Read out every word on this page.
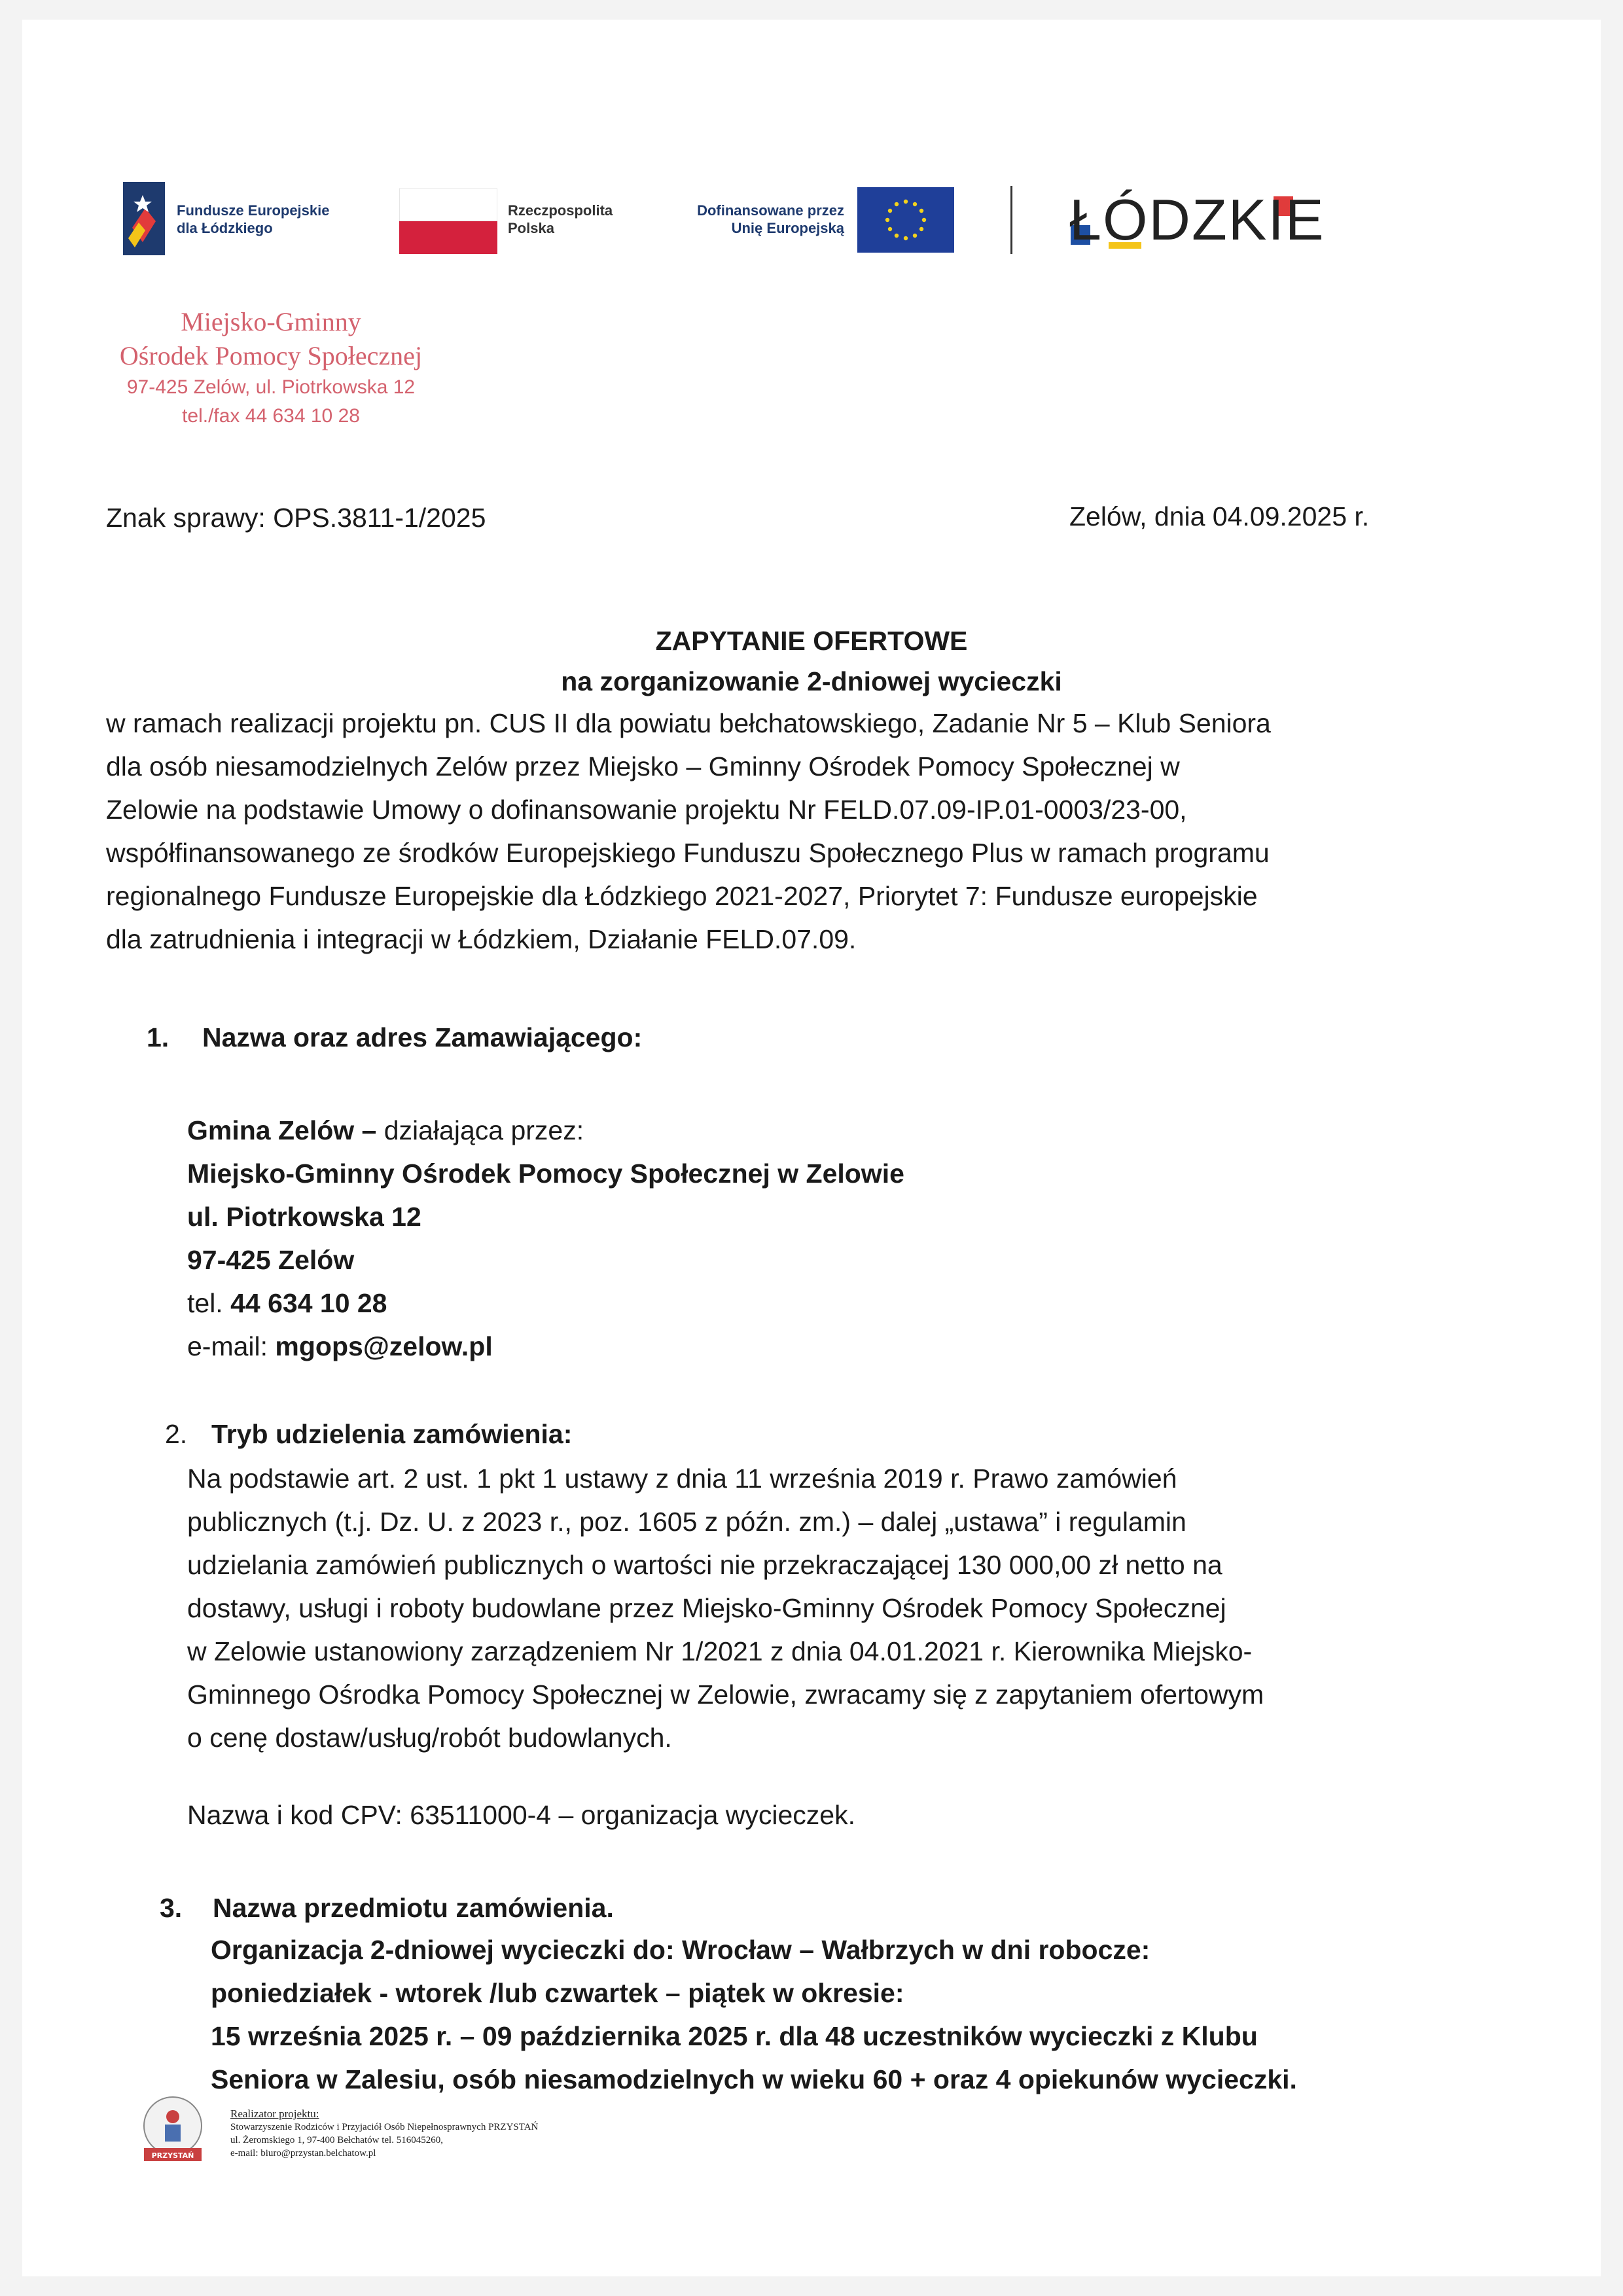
Fundusze Europejskie
dla Łódzkiego
Rzeczpospolita
Polska
Dofinansowane przez
Unię Europejską	ŁÓDZKIE
Miejsko-Gminny
Ośrodek Pomocy Społecznej
97-425 Zelów, ul. Piotrkowska 12
tel./fax 44 634 10 28
Znak sprawy: OPS.3811-1/2025	Zelów, dnia 04.09.2025 r.
ZAPYTANIE OFERTOWE
na zorganizowanie 2-dniowej wycieczki
w ramach realizacji projektu pn. CUS II dla powiatu bełchatowskiego, Zadanie Nr 5 – Klub Seniora
dla osób niesamodzielnych Zelów przez Miejsko – Gminny Ośrodek Pomocy Społecznej w
Zelowie na podstawie Umowy o dofinansowanie projektu Nr FELD.07.09-IP.01-0003/23-00,
współfinansowanego ze środków Europejskiego Funduszu Społecznego Plus w ramach programu
regionalnego Fundusze Europejskie dla Łódzkiego 2021-2027, Priorytet 7: Fundusze europejskie
dla zatrudnienia i integracji w Łódzkiem, Działanie FELD.07.09.
1. Nazwa oraz adres Zamawiającego:
Gmina Zelów – działająca przez:
Miejsko-Gminny Ośrodek Pomocy Społecznej w Zelowie
ul. Piotrkowska 12
97-425 Zelów
tel. 44 634 10 28
e-mail: mgops@zelow.pl
2. Tryb udzielenia zamówienia:
Na podstawie art. 2 ust. 1 pkt 1 ustawy z dnia 11 września 2019 r. Prawo zamówień
publicznych (t.j. Dz. U. z 2023 r., poz. 1605 z późn. zm.) – dalej „ustawa” i regulamin
udzielania zamówień publicznych o wartości nie przekraczającej 130 000,00 zł netto na
dostawy, usługi i roboty budowlane przez Miejsko-Gminny Ośrodek Pomocy Społecznej
w Zelowie ustanowiony zarządzeniem Nr 1/2021 z dnia 04.01.2021 r. Kierownika Miejsko-
Gminnego Ośrodka Pomocy Społecznej w Zelowie, zwracamy się z zapytaniem ofertowym
o cenę dostaw/usług/robót budowlanych.
Nazwa i kod CPV: 63511000-4 – organizacja wycieczek.
3. Nazwa przedmiotu zamówienia.
Organizacja 2-dniowej wycieczki do: Wrocław – Wałbrzych w dni robocze:
poniedziałek - wtorek /lub czwartek – piątek w okresie:
15 września 2025 r. – 09 października 2025 r. dla 48 uczestników wycieczki z Klubu
Seniora w Zalesiu, osób niesamodzielnych w wieku 60 + oraz 4 opiekunów wycieczki.
PRZYSTAŃ
Realizator projektu:
Stowarzyszenie Rodziców i Przyjaciół Osób Niepełnosprawnych PRZYSTAŃ
ul. Żeromskiego 1, 97-400 Bełchatów tel. 516045260,
e-mail: biuro@przystan.belchatow.pl
